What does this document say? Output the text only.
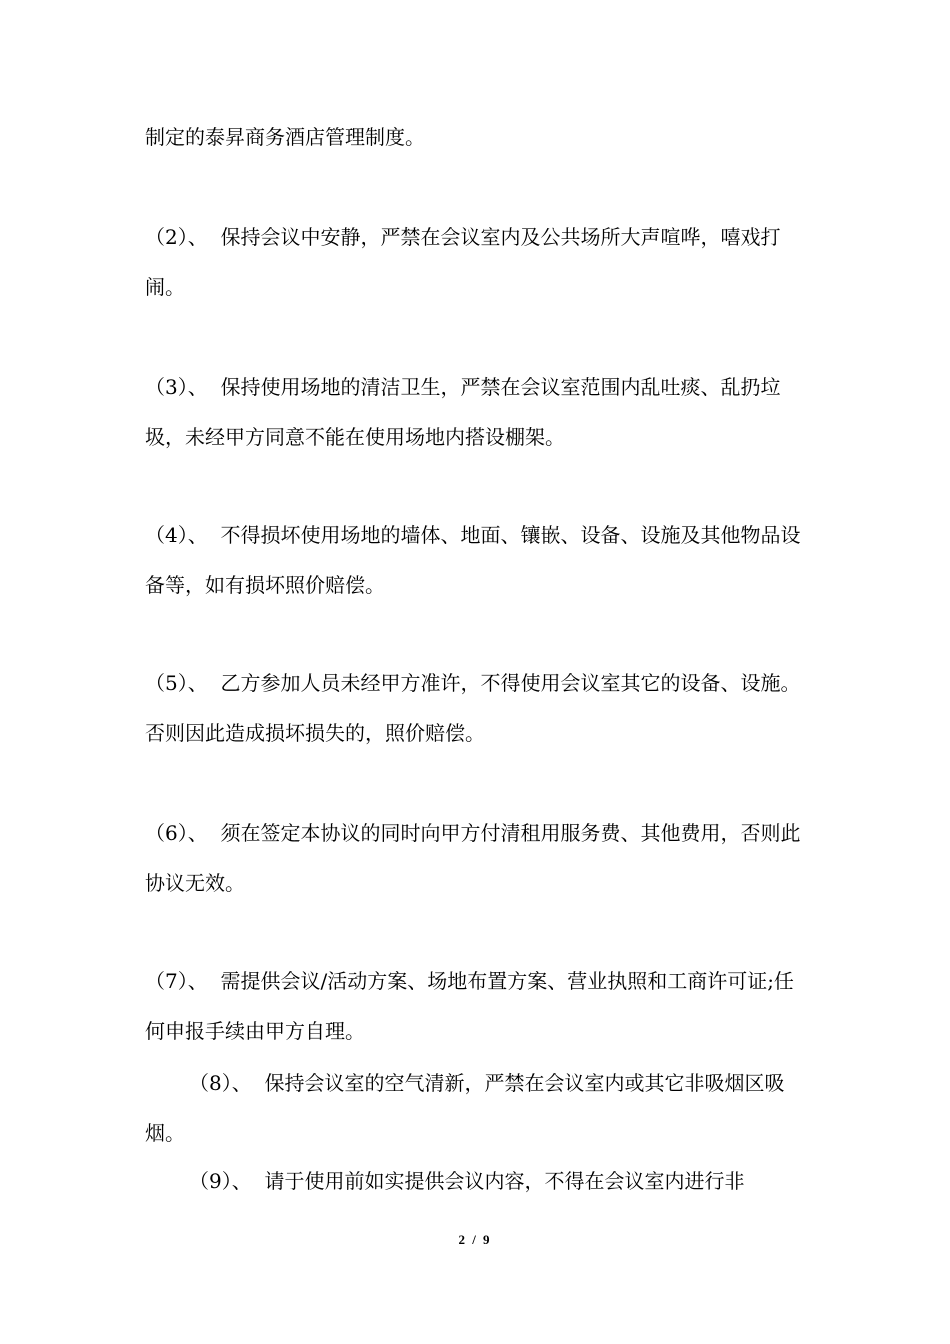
制定的泰昇商务酒店管理制度。

（2）、  保持会议中安静，严禁在会议室内及公共场所大声喧哗，嘻戏打闹。

（3）、  保持使用场地的清洁卫生，严禁在会议室范围内乱吐痰、乱扔垃圾，未经甲方同意不能在使用场地内搭设棚架。

（4）、  不得损坏使用场地的墙体、地面、镶嵌、设备、设施及其他物品设备等，如有损坏照价赔偿。

（5）、  乙方参加人员未经甲方准许，不得使用会议室其它的设备、设施。否则因此造成损坏损失的，照价赔偿。

（6）、  须在签定本协议的同时向甲方付清租用服务费、其他费用，否则此协议无效。

（7）、  需提供会议/活动方案、场地布置方案、营业执照和工商许可证;任何申报手续由甲方自理。

（8）、  保持会议室的空气清新，严禁在会议室内或其它非吸烟区吸烟。

（9）、  请于使用前如实提供会议内容，不得在会议室内进行非

2 / 9
